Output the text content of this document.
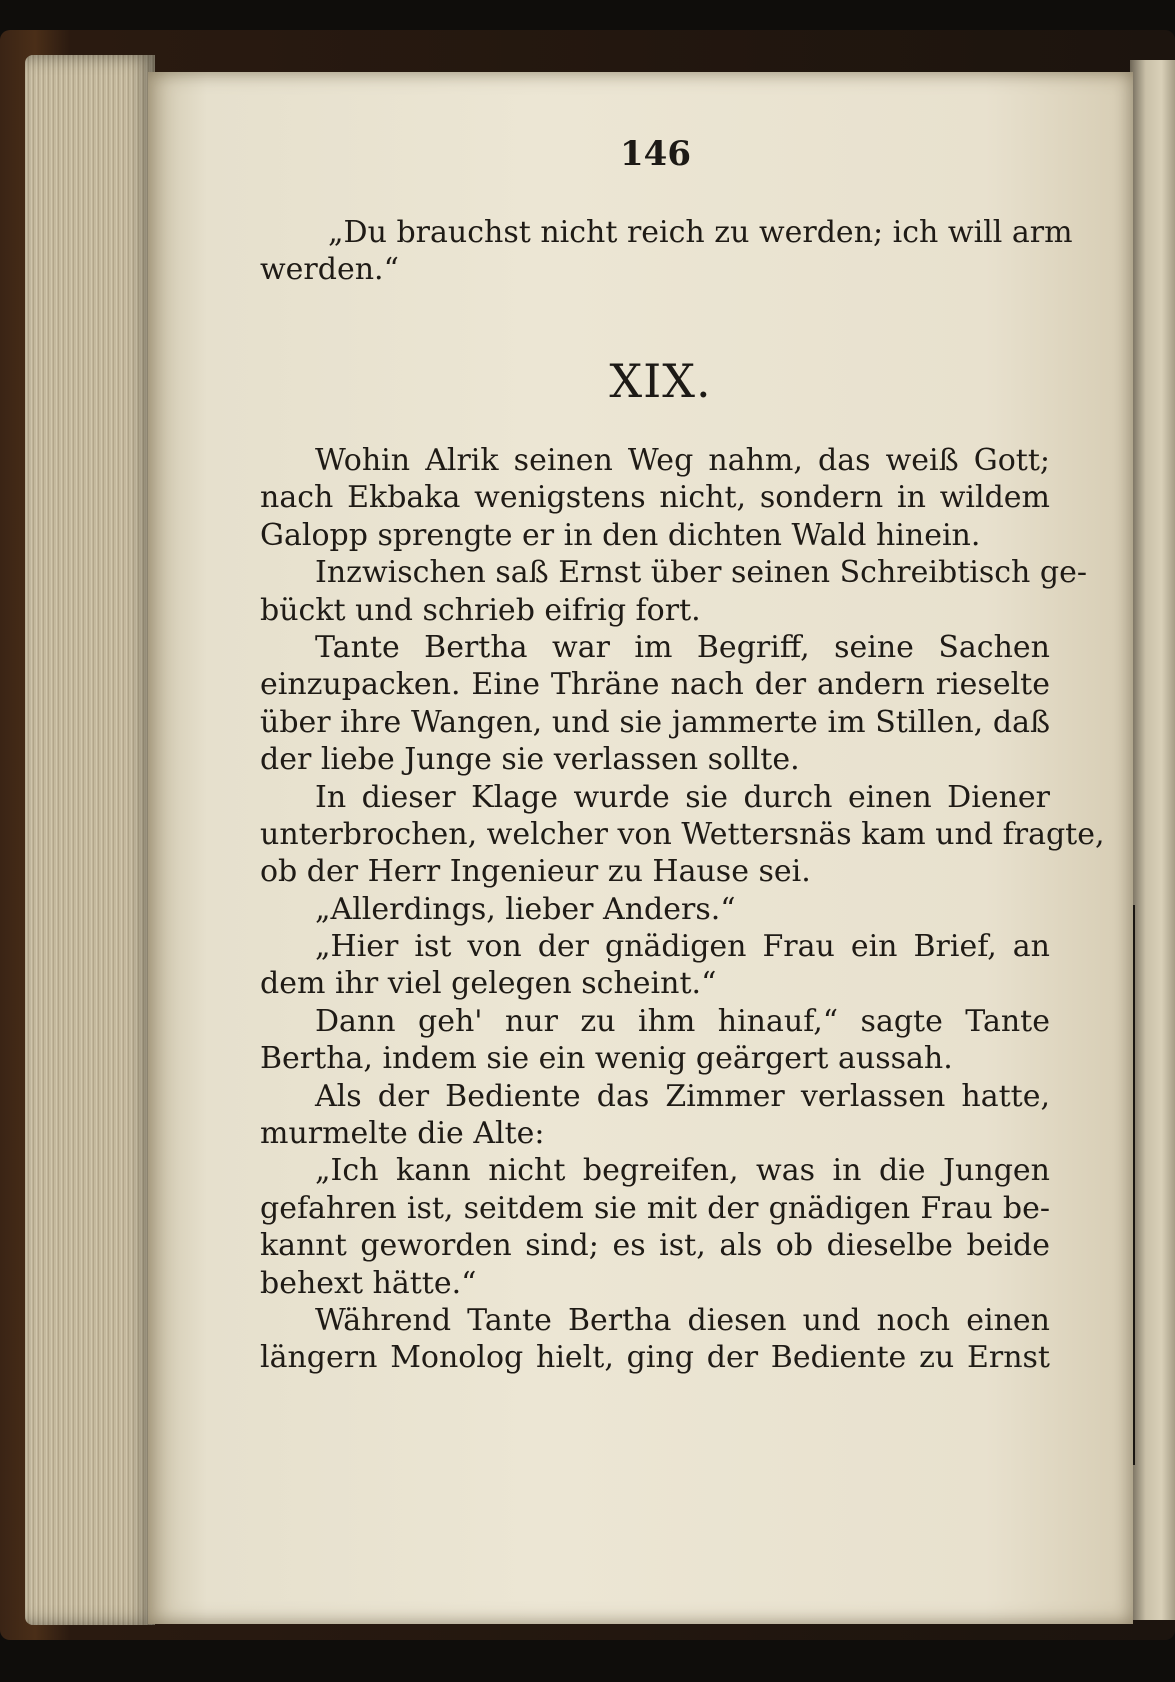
146
„Du brauchst nicht reich zu werden; ich will arm
werden.“
XIX.
Wohin Alrik seinen Weg nahm, das weiß Gott;
nach Ekbaka wenigstens nicht, sondern in wildem
Galopp sprengte er in den dichten Wald hinein.
Inzwischen saß Ernst über seinen Schreibtisch ge-
bückt und schrieb eifrig fort.
Tante Bertha war im Begriff, seine Sachen
einzupacken. Eine Thräne nach der andern rieselte
über ihre Wangen, und sie jammerte im Stillen, daß
der liebe Junge sie verlassen sollte.
In dieser Klage wurde sie durch einen Diener
unterbrochen, welcher von Wettersnäs kam und fragte,
ob der Herr Ingenieur zu Hause sei.
„Allerdings, lieber Anders.“
„Hier ist von der gnädigen Frau ein Brief, an
dem ihr viel gelegen scheint.“
Dann geh' nur zu ihm hinauf,“ sagte Tante
Bertha, indem sie ein wenig geärgert aussah.
Als der Bediente das Zimmer verlassen hatte,
murmelte die Alte:
„Ich kann nicht begreifen, was in die Jungen
gefahren ist, seitdem sie mit der gnädigen Frau be-
kannt geworden sind; es ist, als ob dieselbe beide
behext hätte.“
Während Tante Bertha diesen und noch einen
längern Monolog hielt, ging der Bediente zu Ernst
